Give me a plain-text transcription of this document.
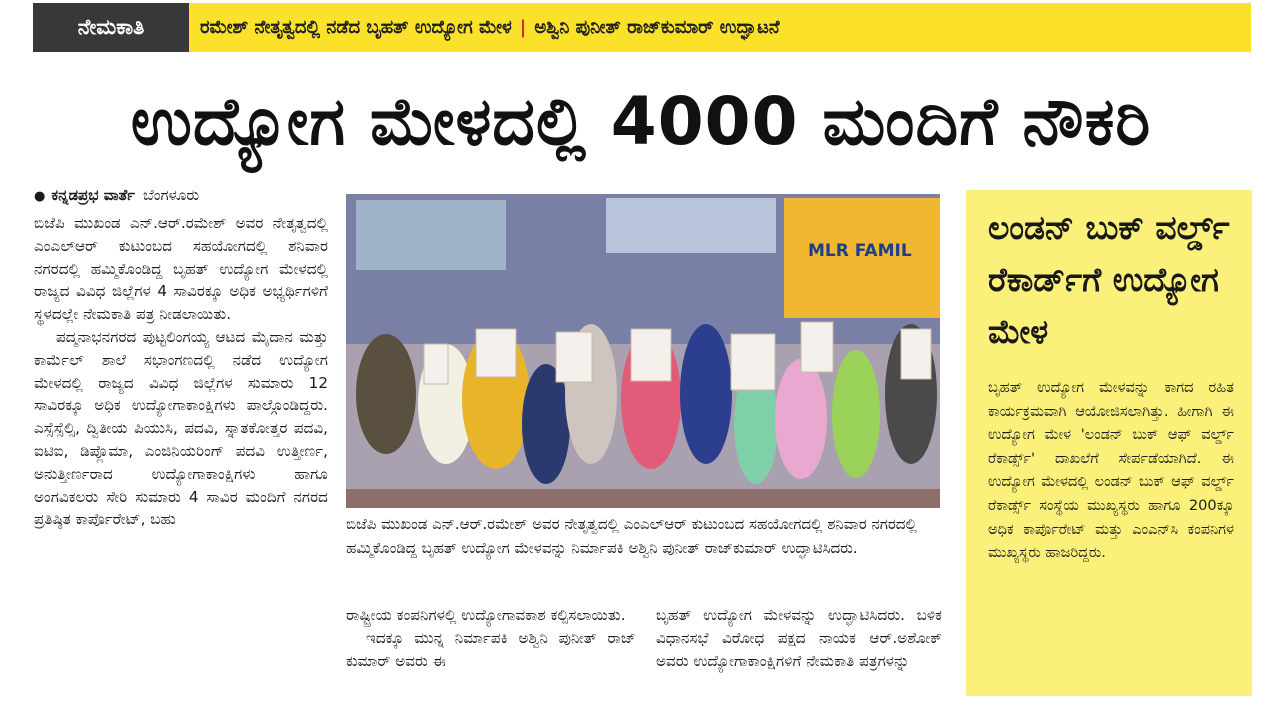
ನೇಮಕಾತಿ	ರಮೇಶ್ ನೇತೃತ್ವದಲ್ಲಿ ನಡೆದ ಬೃಹತ್ ಉದ್ಯೋಗ ಮೇಳ | ಅಶ್ವಿನಿ ಪುನೀತ್ ರಾಜ್‌ಕುಮಾರ್ ಉದ್ಘಾಟನೆ
ಉದ್ಯೋಗ ಮೇಳದಲ್ಲಿ 4000 ಮಂದಿಗೆ ನೌಕರಿ
● ಕನ್ನಡಪ್ರಭ ವಾರ್ತೆ ಬೆಂಗಳೂರು

ಬಿಜೆಪಿ ಮುಖಂಡ ಎನ್.ಆರ್.ರಮೇಶ್ ಅವರ ನೇತೃತ್ವದಲ್ಲಿ ಎಂಎಲ್‌ಆರ್ ಕುಟುಂಬದ ಸಹಯೋಗದಲ್ಲಿ ಶನಿವಾರ ನಗರದಲ್ಲಿ ಹಮ್ಮಿಕೊಂಡಿದ್ದ ಬೃಹತ್ ಉದ್ಯೋಗ ಮೇಳದಲ್ಲಿ ರಾಜ್ಯದ ವಿವಿಧ ಜಿಲ್ಲೆಗಳ 4 ಸಾವಿರಕ್ಕೂ ಅಧಿಕ ಅಭ್ಯರ್ಥಿಗಳಿಗೆ ಸ್ಥಳದಲ್ಲೇ ನೇಮಕಾತಿ ಪತ್ರ ನೀಡಲಾಯಿತು.

ಪದ್ಮನಾಭನಗರದ ಪುಟ್ಟಲಿಂಗಯ್ಯ ಆಟದ ಮೈದಾನ ಮತ್ತು ಕಾರ್ಮೆಲ್ ಶಾಲೆ ಸಭಾಂಗಣದಲ್ಲಿ ನಡೆದ ಉದ್ಯೋಗ ಮೇಳದಲ್ಲಿ ರಾಜ್ಯದ ವಿವಿಧ ಜಿಲ್ಲೆಗಳ ಸುಮಾರು 12 ಸಾವಿರಕ್ಕೂ ಅಧಿಕ ಉದ್ಯೋಗಾಕಾಂಕ್ಷಿಗಳು ಪಾಲ್ಗೊಂಡಿದ್ದರು. ಎಸ್ಸೆಸ್ಸೆಲ್ಸಿ, ದ್ವಿತೀಯ ಪಿಯುಸಿ, ಪದವಿ, ಸ್ನಾತಕೋತ್ತರ ಪದವಿ, ಐಟಿಐ, ಡಿಪ್ಲೊಮಾ, ಎಂಜಿನಿಯರಿಂಗ್ ಪದವಿ ಉತ್ತೀರ್ಣ, ಅನುತ್ತೀರ್ಣರಾದ ಉದ್ಯೋಗಾಕಾಂಕ್ಷಿಗಳು ಹಾಗೂ ಅಂಗವಿಕಲರು ಸೇರಿ ಸುಮಾರು 4 ಸಾವಿರ ಮಂದಿಗೆ ನಗರದ ಪ್ರತಿಷ್ಠಿತ ಕಾರ್ಪೊರೇಟ್, ಬಹು

MLR FAMIL
ಬಿಜೆಪಿ ಮುಖಂಡ ಎನ್.ಆರ್.ರಮೇಶ್ ಅವರ ನೇತೃತ್ವದಲ್ಲಿ ಎಂಎಲ್‌ಆರ್ ಕುಟುಂಬದ ಸಹಯೋಗದಲ್ಲಿ ಶನಿವಾರ ನಗರದಲ್ಲಿ ಹಮ್ಮಿಕೊಂಡಿದ್ದ ಬೃಹತ್ ಉದ್ಯೋಗ ಮೇಳವನ್ನು ನಿರ್ಮಾಪಕಿ ಅಶ್ವಿನಿ ಪುನೀತ್ ರಾಜ್‌ಕುಮಾರ್ ಉದ್ಘಾಟಿಸಿದರು.

ರಾಷ್ಟ್ರೀಯ ಕಂಪನಿಗಳಲ್ಲಿ ಉದ್ಯೋಗಾವಕಾಶ ಕಲ್ಪಿಸಲಾಯಿತು.

ಇದಕ್ಕೂ ಮುನ್ನ ನಿರ್ಮಾಪಕಿ ಅಶ್ವಿನಿ ಪುನೀತ್ ರಾಜ್ ಕುಮಾರ್ ಅವರು ಈ

ಬೃಹತ್ ಉದ್ಯೋಗ ಮೇಳವನ್ನು ಉದ್ಘಾಟಿಸಿದರು. ಬಳಿಕ ವಿಧಾನಸಭೆ ವಿರೋಧ ಪಕ್ಷದ ನಾಯಕ ಆರ್.ಅಶೋಕ್ ಅವರು ಉದ್ಯೋಗಾಕಾಂಕ್ಷಿಗಳಿಗೆ ನೇಮಕಾತಿ ಪತ್ರಗಳನ್ನು

ಲಂಡನ್ ಬುಕ್ ವರ್ಲ್ಡ್ ರೆಕಾರ್ಡ್‌ಗೆ ಉದ್ಯೋಗ ಮೇಳ
ಬೃಹತ್ ಉದ್ಯೋಗ ಮೇಳವನ್ನು ಕಾಗದ ರಹಿತ ಕಾರ್ಯಕ್ರಮವಾಗಿ ಆಯೋಜಿಸಲಾಗಿತ್ತು. ಹೀಗಾಗಿ ಈ ಉದ್ಯೋಗ ಮೇಳ 'ಲಂಡನ್ ಬುಕ್ ಆಫ್ ವರ್ಲ್ಡ್ ರೆಕಾರ್ಡ್ಸ್' ದಾಖಲೆಗೆ ಸೇರ್ಪಡೆಯಾಗಿದೆ. ಈ ಉದ್ಯೋಗ ಮೇಳದಲ್ಲಿ ಲಂಡನ್ ಬುಕ್ ಆಫ್ ವರ್ಲ್ಡ್ ರೆಕಾರ್ಡ್ಸ್ ಸಂಸ್ಥೆಯ ಮುಖ್ಯಸ್ಥರು ಹಾಗೂ 200ಕ್ಕೂ ಅಧಿಕ ಕಾರ್ಪೊರೇಟ್ ಮತ್ತು ಎಂಎನ್‌ಸಿ ಕಂಪನಿಗಳ ಮುಖ್ಯಸ್ಥರು ಹಾಜರಿದ್ದರು.
